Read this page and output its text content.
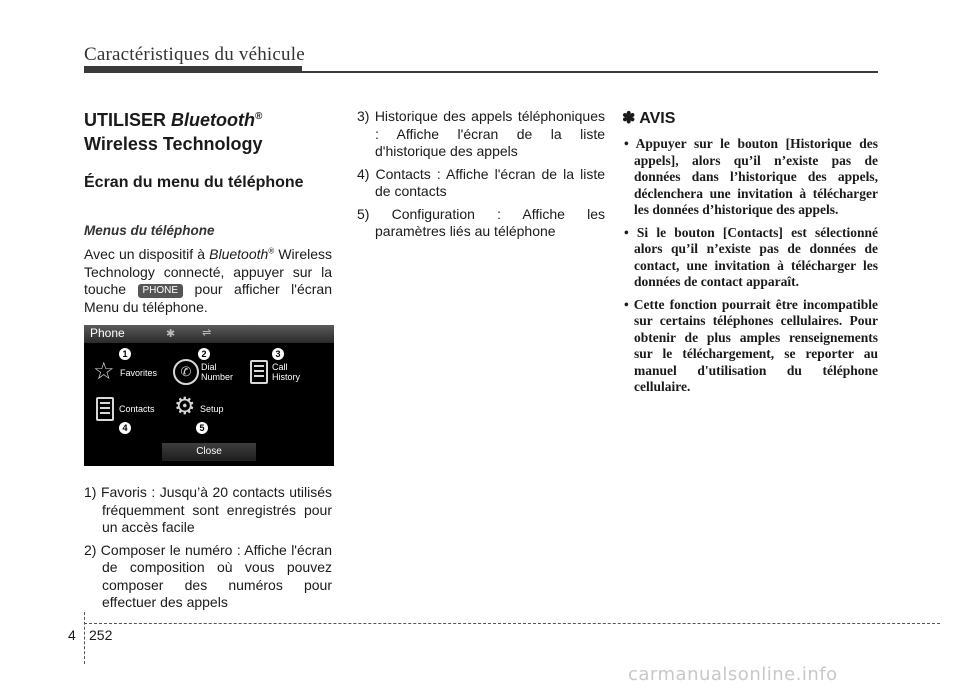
Caractéristiques du véhicule
UTILISER Bluetooth®
Wireless Technology
Écran du menu du téléphone
Menus du téléphone

Avec un dispositif à Bluetooth® Wireless Technology connecté, appuyer sur la touche PHONE pour afficher l'écran Menu du téléphone.

Phone	✱ ⇌
1
☆ Favorites
2
✆	Dial
Number
3
Call
History
Contacts
4
⚙ Setup
5
Close

1) Favoris : Jusqu’à 20 contacts utilisés fréquemment sont enregistrés pour un accès facile

2) Composer le numéro : Affiche l'écran de composition où vous pouvez composer des numéros pour effectuer des appels

3) Historique des appels téléphoniques : Affiche l'écran de la liste d'historique des appels

4) Contacts : Affiche l'écran de la liste de contacts

5) Configuration : Affiche les paramètres liés au téléphone

✽ AVIS

• Appuyer sur le bouton [Historique des appels], alors qu’il n’existe pas de données dans l’historique des appels, déclenchera une invitation à télécharger les données d’historique des appels.

• Si le bouton [Contacts] est sélectionné alors qu’il n’existe pas de données de contact, une invitation à télécharger les données de contact apparaît.

• Cette fonction pourrait être incompatible sur certains téléphones cellulaires. Pour obtenir de plus amples renseignements sur le téléchargement, se reporter au manuel d'utilisation du téléphone cellulaire.

4 252
carmanualsonline.info
